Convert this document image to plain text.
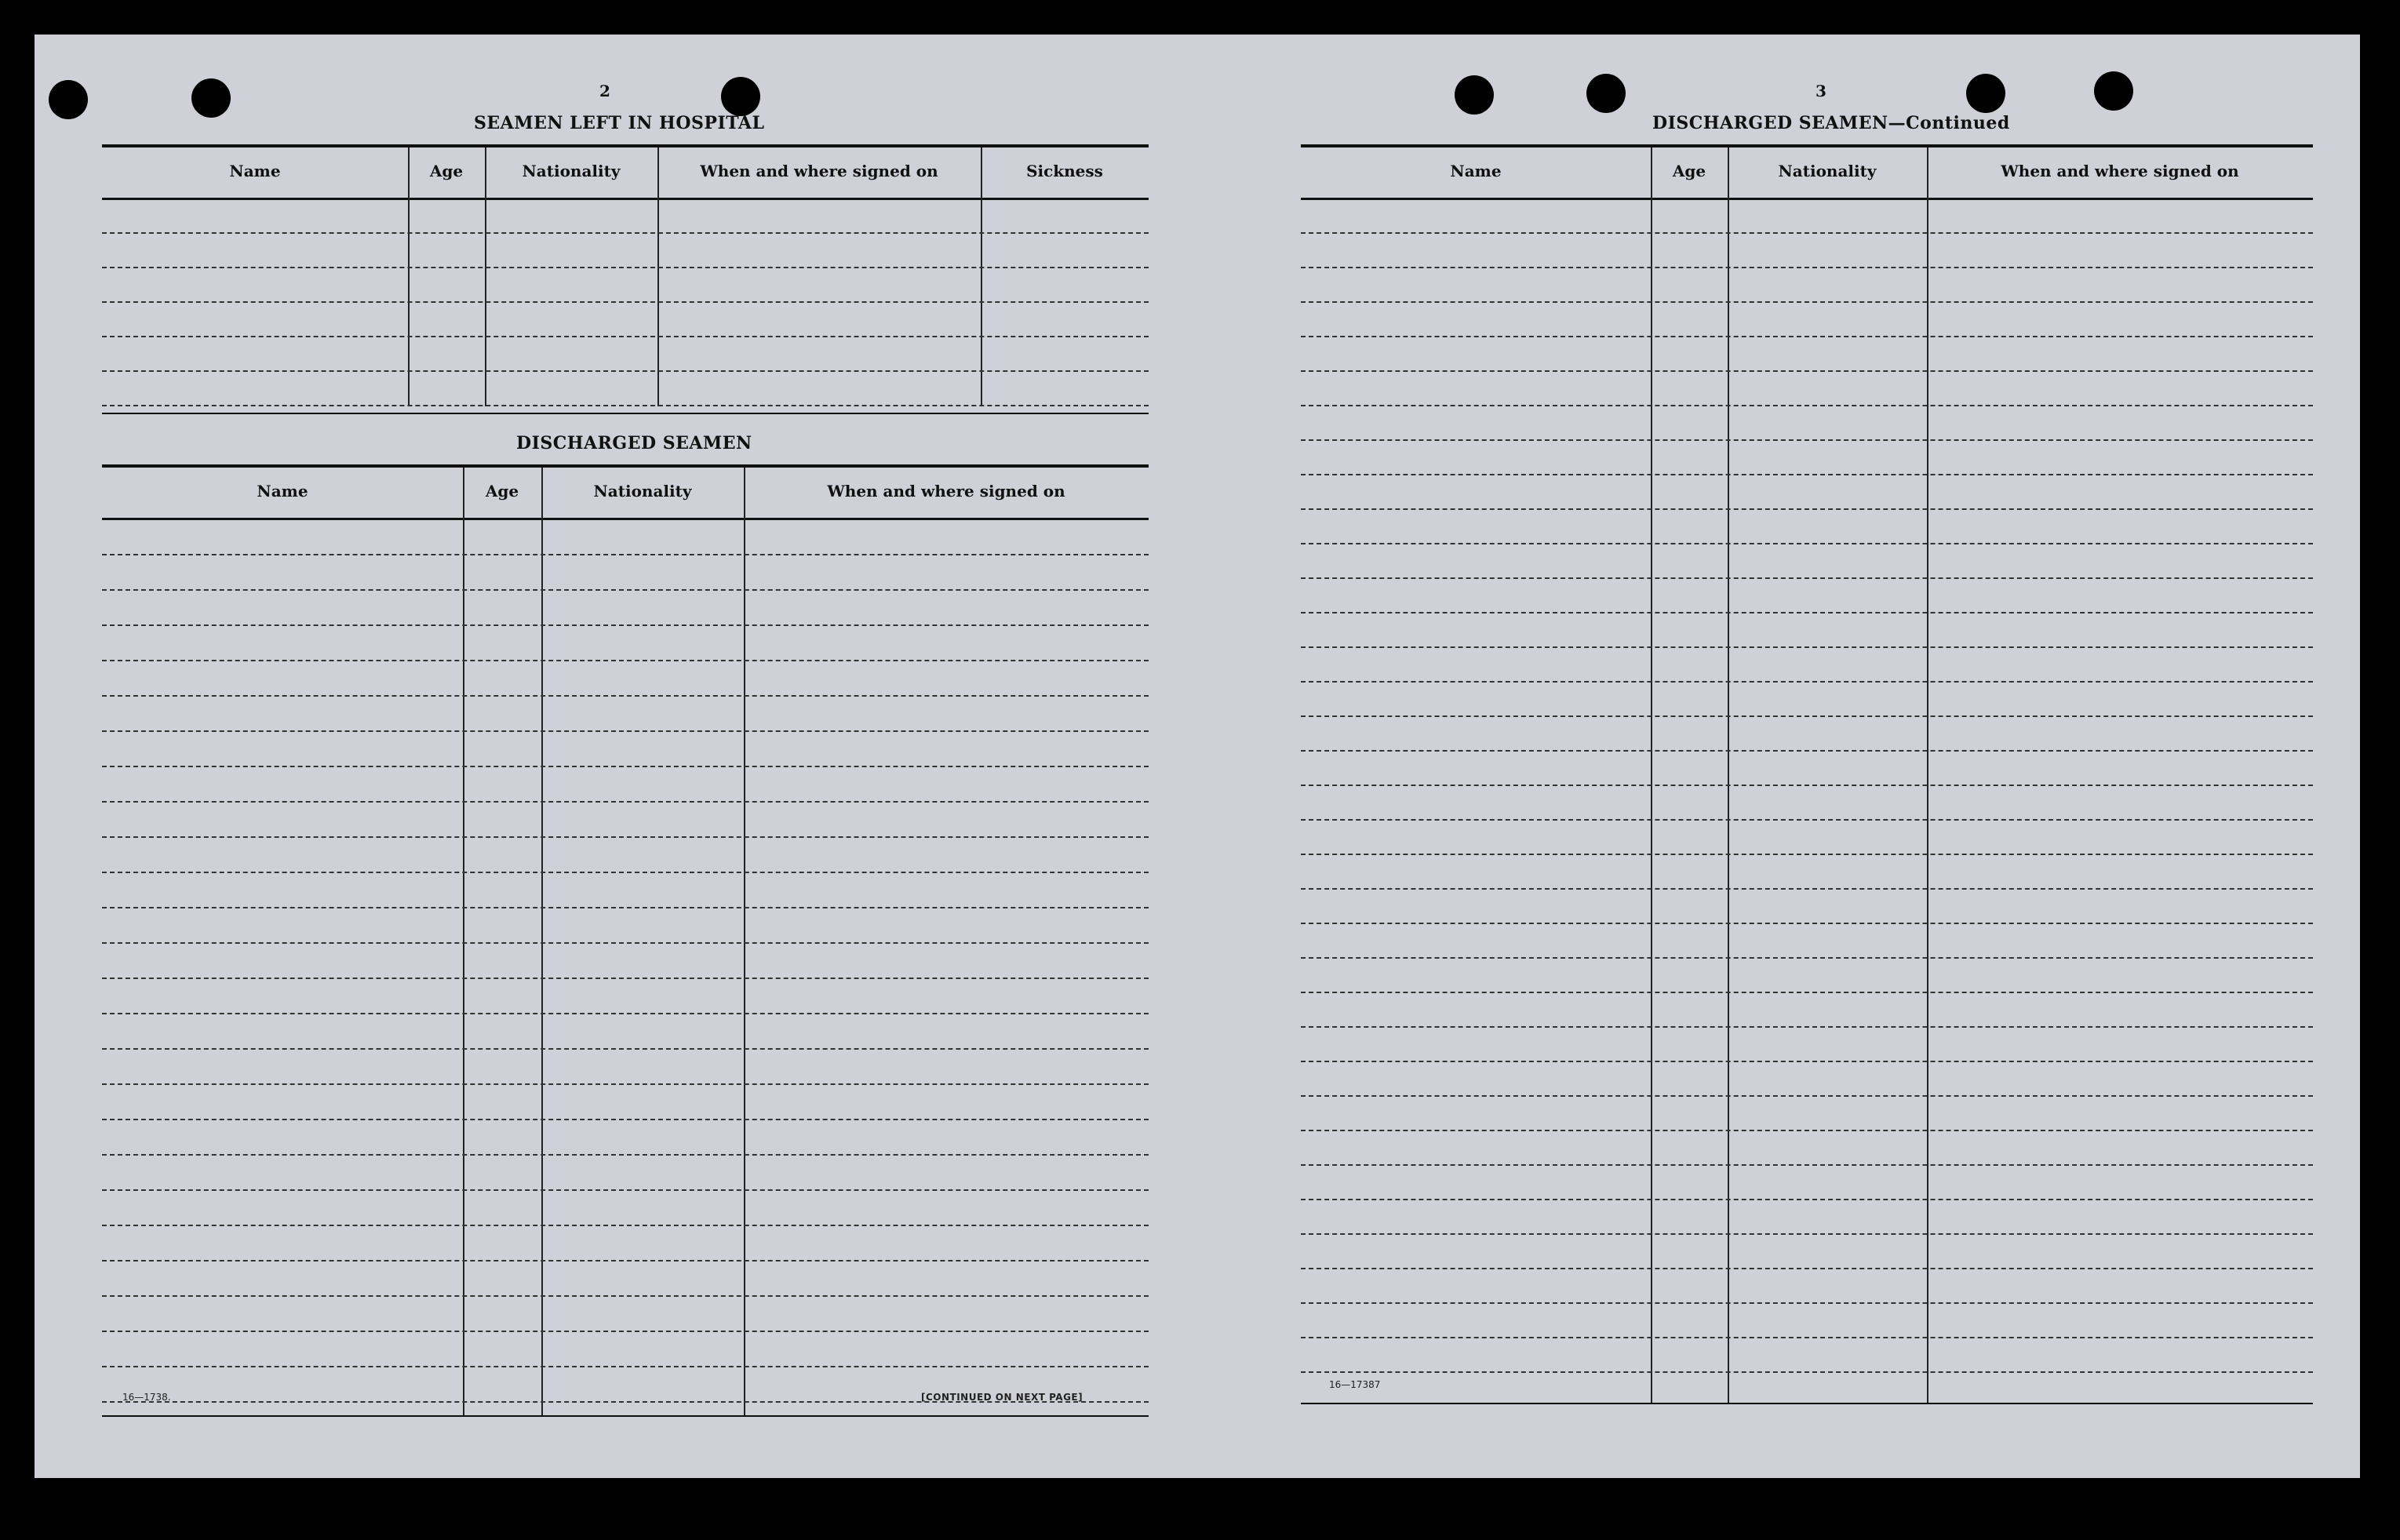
2
SEAMEN LEFT IN HOSPITAL
Name	Age	Nationality	When and where signed on	Sickness
DISCHARGED SEAMEN
Name	Age	Nationality	When and where signed on
16—1738.	[CONTINUED ON NEXT PAGE]
3
DISCHARGED SEAMEN—Continued
Name	Age	Nationality	When and where signed on
16—17387
